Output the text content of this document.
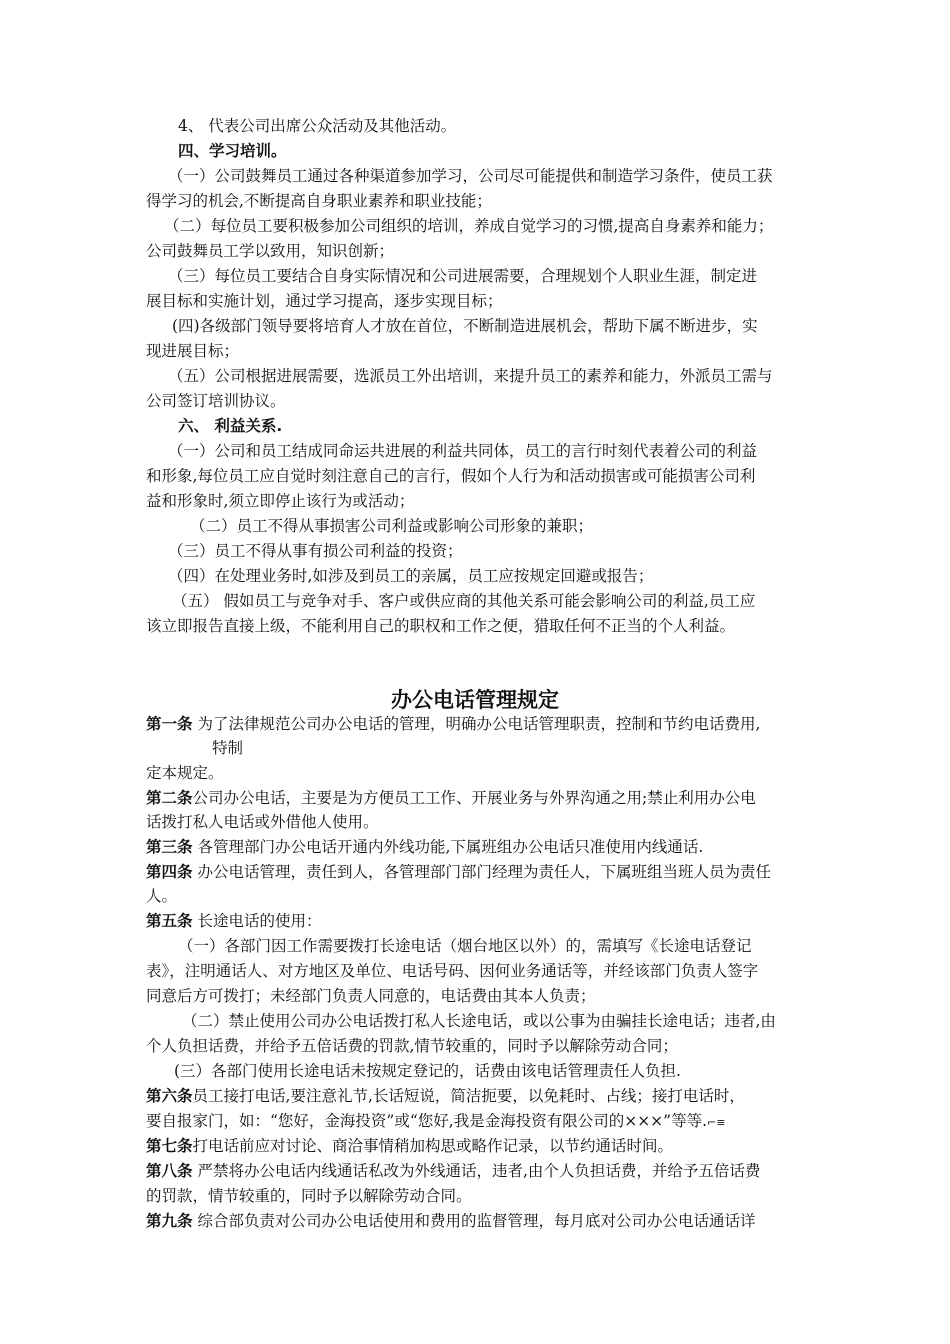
4、 代表公司出席公众活动及其他活动。
四、学习培训。
（一）公司鼓舞员工通过各种渠道参加学习，公司尽可能提供和制造学习条件，使员工获
得学习的机会,不断提高自身职业素养和职业技能；
（二）每位员工要积极参加公司组织的培训，养成自觉学习的习惯,提高自身素养和能力；
公司鼓舞员工学以致用，知识创新；
（三）每位员工要结合自身实际情况和公司进展需要，合理规划个人职业生涯，制定进
展目标和实施计划，通过学习提高，逐步实现目标；
(四)各级部门领导要将培育人才放在首位，不断制造进展机会，帮助下属不断进步，实
现进展目标；
（五）公司根据进展需要，选派员工外出培训，来提升员工的素养和能力，外派员工需与
公司签订培训协议。
六、 利益关系.
（一）公司和员工结成同命运共进展的利益共同体，员工的言行时刻代表着公司的利益
和形象,每位员工应自觉时刻注意自己的言行，假如个人行为和活动损害或可能损害公司利
益和形象时,须立即停止该行为或活动；
（二）员工不得从事损害公司利益或影响公司形象的兼职；
（三）员工不得从事有损公司利益的投资；
（四）在处理业务时,如涉及到员工的亲属，员工应按规定回避或报告；
（五） 假如员工与竞争对手、客户或供应商的其他关系可能会影响公司的利益,员工应
该立即报告直接上级，不能利用自己的职权和工作之便，猎取任何不正当的个人利益。
办公电话管理规定
第一条 为了法律规范公司办公电话的管理，明确办公电话管理职责，控制和节约电话费用,
特制
定本规定。
第二条公司办公电话，主要是为方便员工工作、开展业务与外界沟通之用;禁止利用办公电
话拨打私人电话或外借他人使用。
第三条 各管理部门办公电话开通内外线功能,下属班组办公电话只准使用内线通话.
第四条 办公电话管理，责任到人，各管理部门部门经理为责任人，下属班组当班人员为责任
人。
第五条 长途电话的使用：
（一）各部门因工作需要拨打长途电话（烟台地区以外）的，需填写《长途电话登记
表》，注明通话人、对方地区及单位、电话号码、因何业务通话等，并经该部门负责人签字
同意后方可拨打；未经部门负责人同意的，电话费由其本人负责；
（二）禁止使用公司办公电话拨打私人长途电话，或以公事为由骗挂长途电话；违者,由
个人负担话费，并给予五倍话费的罚款,情节较重的，同时予以解除劳动合同；
(三）各部门使用长途电话未按规定登记的，话费由该电话管理责任人负担.
第六条员工接打电话,要注意礼节,长话短说，简洁扼要，以免耗时、占线；接打电话时，
要自报家门，如：“您好，金海投资”或“您好,我是金海投资有限公司的×××”等等.⌐≡
第七条打电话前应对讨论、商洽事情稍加构思或略作记录，以节约通话时间。
第八条 严禁将办公电话内线通话私改为外线通话，违者,由个人负担话费，并给予五倍话费
的罚款，情节较重的，同时予以解除劳动合同。
第九条 综合部负责对公司办公电话使用和费用的监督管理，每月底对公司办公电话通话详
